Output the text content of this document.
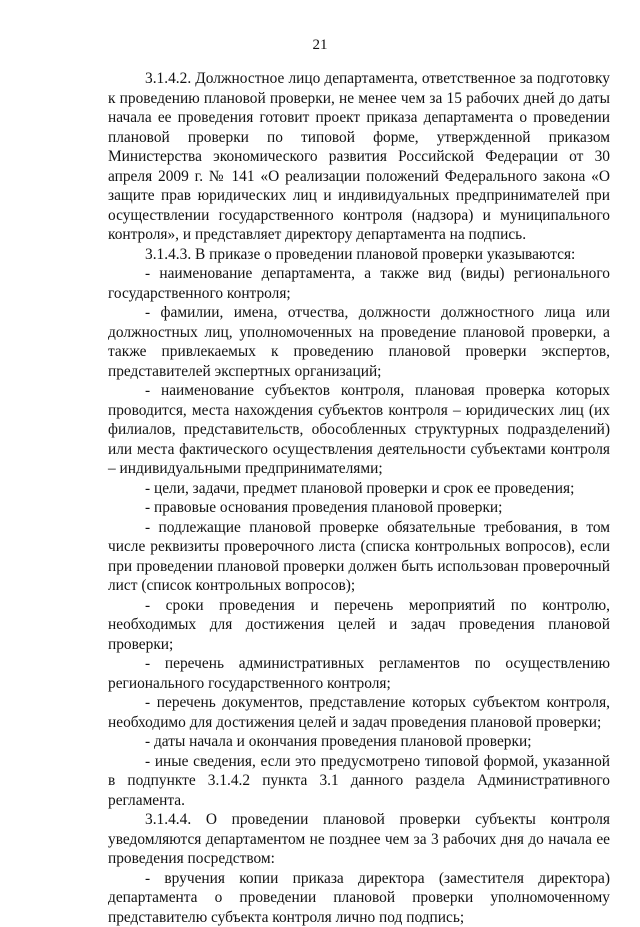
21

3.1.4.2. Должностное лицо департамента, ответственное за подготовку к проведению плановой проверки, не менее чем за 15 рабочих дней до даты начала ее проведения готовит проект приказа департамента о проведении плановой проверки по типовой форме, утвержденной приказом Министерства экономического развития Российской Федерации от 30 апреля 2009 г. № 141 «О реализации положений Федерального закона «О защите прав юридических лиц и индивидуальных предпринимателей при осуществлении государственного контроля (надзора) и муниципального контроля», и представляет директору департамента на подпись.

3.1.4.3. В приказе о проведении плановой проверки указываются:

- наименование департамента, а также вид (виды) регионального государственного контроля;

- фамилии, имена, отчества, должности должностного лица или должностных лиц, уполномоченных на проведение плановой проверки, а также привлекаемых к проведению плановой проверки экспертов, представителей экспертных организаций;

- наименование субъектов контроля, плановая проверка которых проводится, места нахождения субъектов контроля – юридических лиц (их филиалов, представительств, обособленных структурных подразделений) или места фактического осуществления деятельности субъектами контроля – индивидуальными предпринимателями;

- цели, задачи, предмет плановой проверки и срок ее проведения;

- правовые основания проведения плановой проверки;

- подлежащие плановой проверке обязательные требования, в том числе реквизиты проверочного листа (списка контрольных вопросов), если при проведении плановой проверки должен быть использован проверочный лист (список контрольных вопросов);

- сроки проведения и перечень мероприятий по контролю, необходимых для достижения целей и задач проведения плановой проверки;

- перечень административных регламентов по осуществлению регионального государственного контроля;

- перечень документов, представление которых субъектом контроля, необходимо для достижения целей и задач проведения плановой проверки;

- даты начала и окончания проведения плановой проверки;

- иные сведения, если это предусмотрено типовой формой, указанной в подпункте 3.1.4.2 пункта 3.1 данного раздела Административного регламента.

3.1.4.4. О проведении плановой проверки субъекты контроля уведомляются департаментом не позднее чем за 3 рабочих дня до начала ее проведения посредством:

- вручения копии приказа директора (заместителя директора) департамента о проведении плановой проверки уполномоченному представителю субъекта контроля лично под подпись;
